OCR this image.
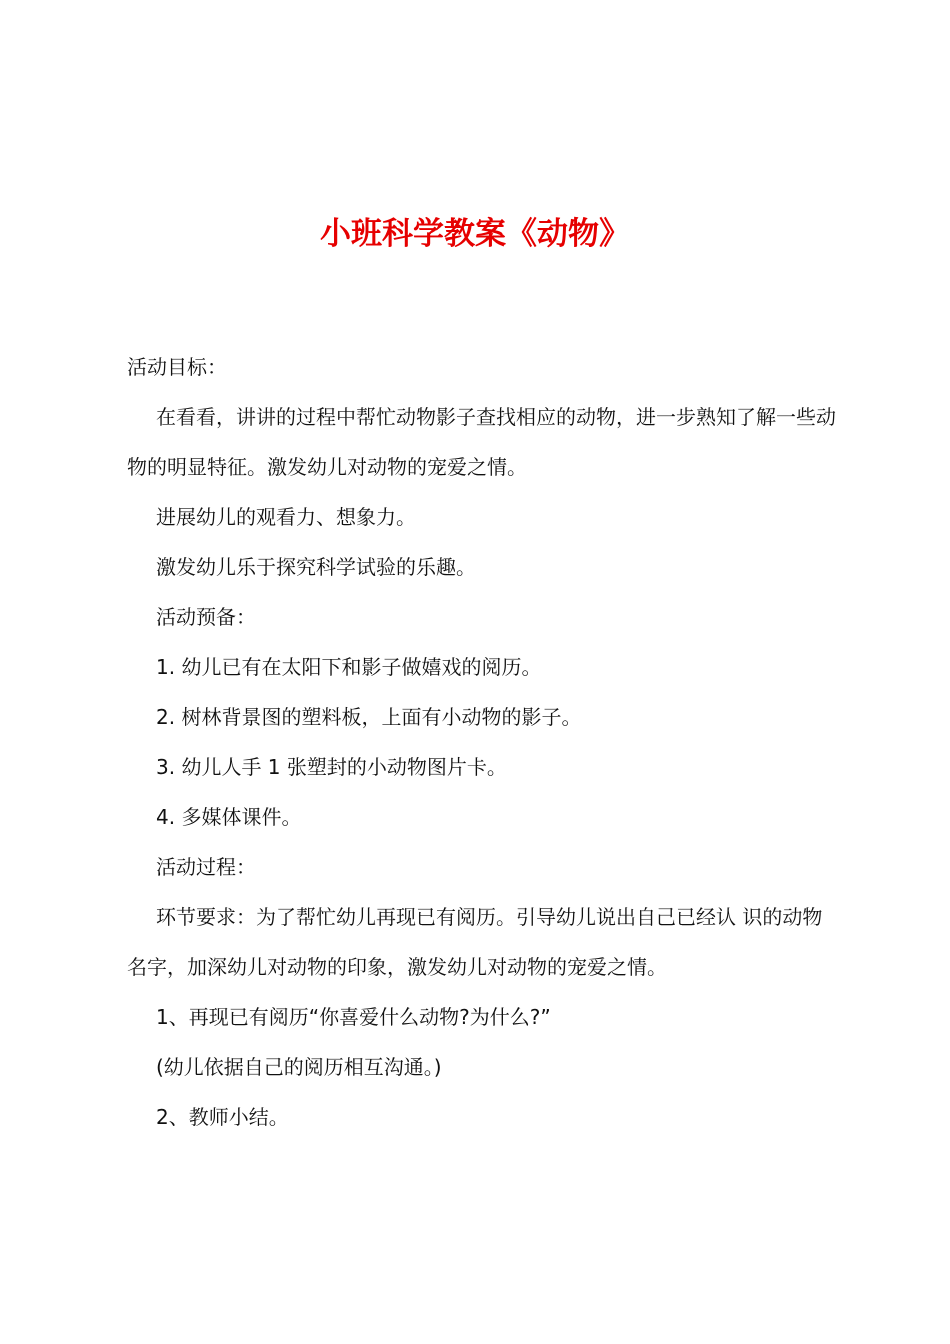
小班科学教案《动物》

活动目标：

在看看，讲讲的过程中帮忙动物影子查找相应的动物，进一步熟知了解一些动物的明显特征。激发幼儿对动物的宠爱之情。

进展幼儿的观看力、想象力。

激发幼儿乐于探究科学试验的乐趣。

活动预备：

1. 幼儿已有在太阳下和影子做嬉戏的阅历。

2. 树林背景图的塑料板，上面有小动物的影子。

3. 幼儿人手 1 张塑封的小动物图片卡。

4. 多媒体课件。

活动过程：

环节要求：为了帮忙幼儿再现已有阅历。引导幼儿说出自己已经认 识的动物名字，加深幼儿对动物的印象，激发幼儿对动物的宠爱之情。

1、再现已有阅历“你喜爱什么动物?为什么?”

(幼儿依据自己的阅历相互沟通。)

2、教师小结。
